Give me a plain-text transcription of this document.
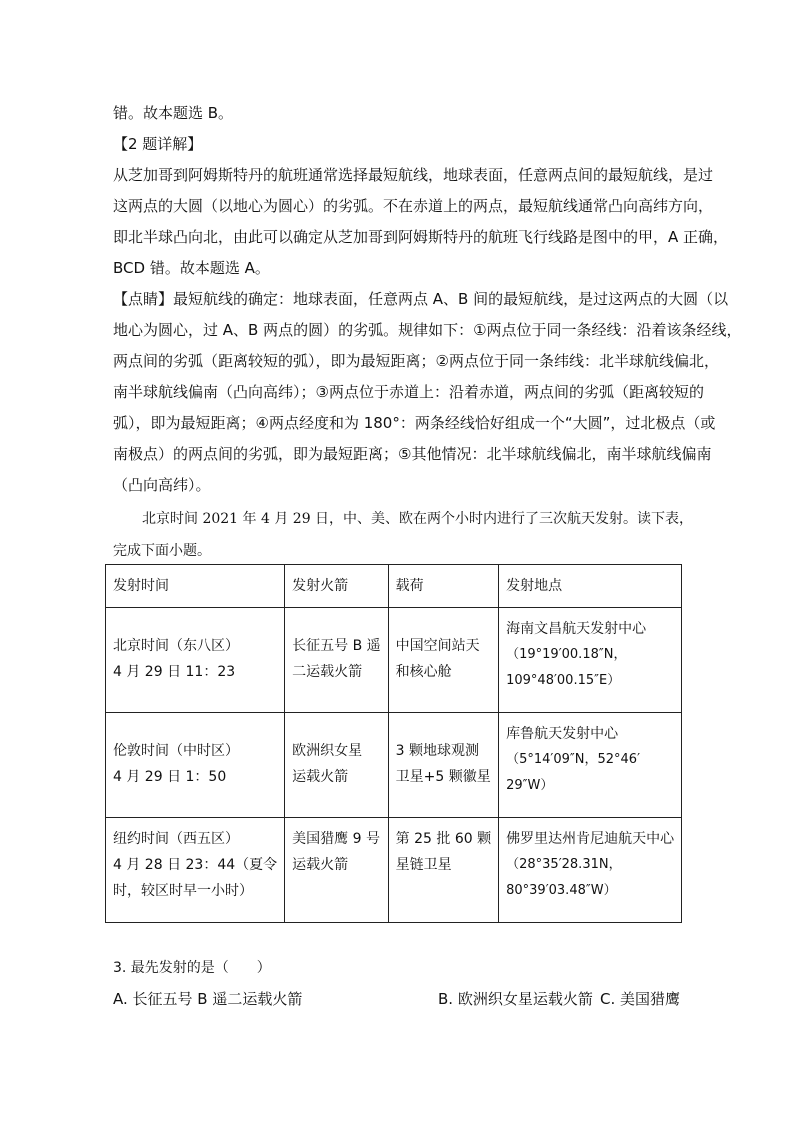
错。故本题选 B。
【2 题详解】
从芝加哥到阿姆斯特丹的航班通常选择最短航线，地球表面，任意两点间的最短航线，是过
这两点的大圆（以地心为圆心）的劣弧。不在赤道上的两点，最短航线通常凸向高纬方向，
即北半球凸向北，由此可以确定从芝加哥到阿姆斯特丹的航班飞行线路是图中的甲，A 正确，
BCD 错。故本题选 A。
【点睛】最短航线的确定：地球表面，任意两点 A、B 间的最短航线，是过这两点的大圆（以
地心为圆心，过 A、B 两点的圆）的劣弧。规律如下：①两点位于同一条经线：沿着该条经线，
两点间的劣弧（距离较短的弧），即为最短距离；②两点位于同一条纬线：北半球航线偏北，
南半球航线偏南（凸向高纬）；③两点位于赤道上：沿着赤道，两点间的劣弧（距离较短的
弧），即为最短距离；④两点经度和为 180°：两条经线恰好组成一个“大圆”，过北极点（或
南极点）的两点间的劣弧，即为最短距离；⑤其他情况：北半球航线偏北，南半球航线偏南
（凸向高纬）。
北京时间 2021 年 4 月 29 日，中、美、欧在两个小时内进行了三次航天发射。读下表，
完成下面小题。
发射时间	发射火箭	载荷	发射地点

北京时间（东八区）
4 月 29 日 11：23	长征五号 B 遥
二运载火箭	中国空间站天
和核心舱	海南文昌航天发射中心
（19°19′00.18″N，
109°48′00.15″E）

伦敦时间（中时区）
4 月 29 日 1：50	欧洲织女星
运载火箭	3 颗地球观测
卫星+5 颗徽星	库鲁航天发射中心
（5°14′09″N，52°46′
29″W）

纽约时间（西五区）
4 月 28 日 23：44（夏令
时，较区时早一小时）	美国猎鹰 9 号
运载火箭	第 25 批 60 颗
星链卫星	佛罗里达州肯尼迪航天中心
（28°35′28.31N，
80°39′03.48″W）
3. 最先发射的是（　　）
A. 长征五号 B 遥二运载火箭	B. 欧洲织女星运载火箭 C. 美国猎鹰
